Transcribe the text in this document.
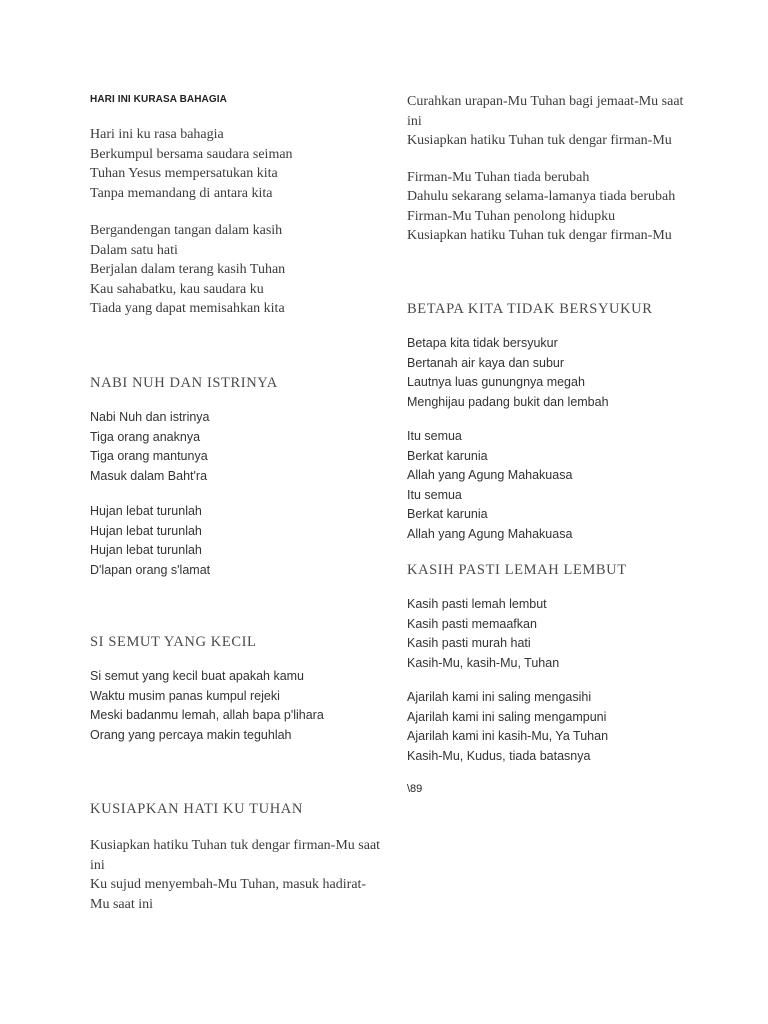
HARI INI KURASA BAHAGIA
Hari ini ku rasa bahagia
Berkumpul bersama saudara seiman
Tuhan Yesus mempersatukan kita
Tanpa memandang di antara kita
Bergandengan tangan dalam kasih
Dalam satu hati
Berjalan dalam terang kasih Tuhan
Kau sahabatku, kau saudara ku
Tiada yang dapat memisahkan kita
NABI NUH DAN ISTRINYA
Nabi Nuh dan istrinya
Tiga orang anaknya
Tiga orang mantunya
Masuk dalam Baht'ra
Hujan lebat turunlah
Hujan lebat turunlah
Hujan lebat turunlah
D'lapan orang s'lamat
SI SEMUT YANG KECIL
Si semut yang kecil buat apakah kamu
Waktu musim panas kumpul rejeki
Meski badanmu lemah, allah bapa p'lihara
Orang yang percaya makin teguhlah
KUSIAPKAN HATI KU TUHAN
Kusiapkan hatiku Tuhan tuk dengar firman-Mu saat ini
Ku sujud menyembah-Mu Tuhan, masuk hadirat-Mu saat ini
Curahkan urapan-Mu Tuhan bagi jemaat-Mu saat ini
Kusiapkan hatiku Tuhan tuk dengar firman-Mu
Firman-Mu Tuhan tiada berubah
Dahulu sekarang selama-lamanya tiada berubah
Firman-Mu Tuhan penolong hidupku
Kusiapkan hatiku Tuhan tuk dengar firman-Mu
BETAPA KITA TIDAK BERSYUKUR
Betapa kita tidak bersyukur
Bertanah air kaya dan subur
Lautnya luas gunungnya megah
Menghijau padang bukit dan lembah
Itu semua
Berkat karunia
Allah yang Agung Mahakuasa
Itu semua
Berkat karunia
Allah yang Agung Mahakuasa
KASIH PASTI LEMAH LEMBUT
Kasih pasti lemah lembut
Kasih pasti memaafkan
Kasih pasti murah hati
Kasih-Mu, kasih-Mu, Tuhan
Ajarilah kami ini saling mengasihi
Ajarilah kami ini saling mengampuni
Ajarilah kami ini kasih-Mu, Ya Tuhan
Kasih-Mu, Kudus, tiada batasnya
\89
